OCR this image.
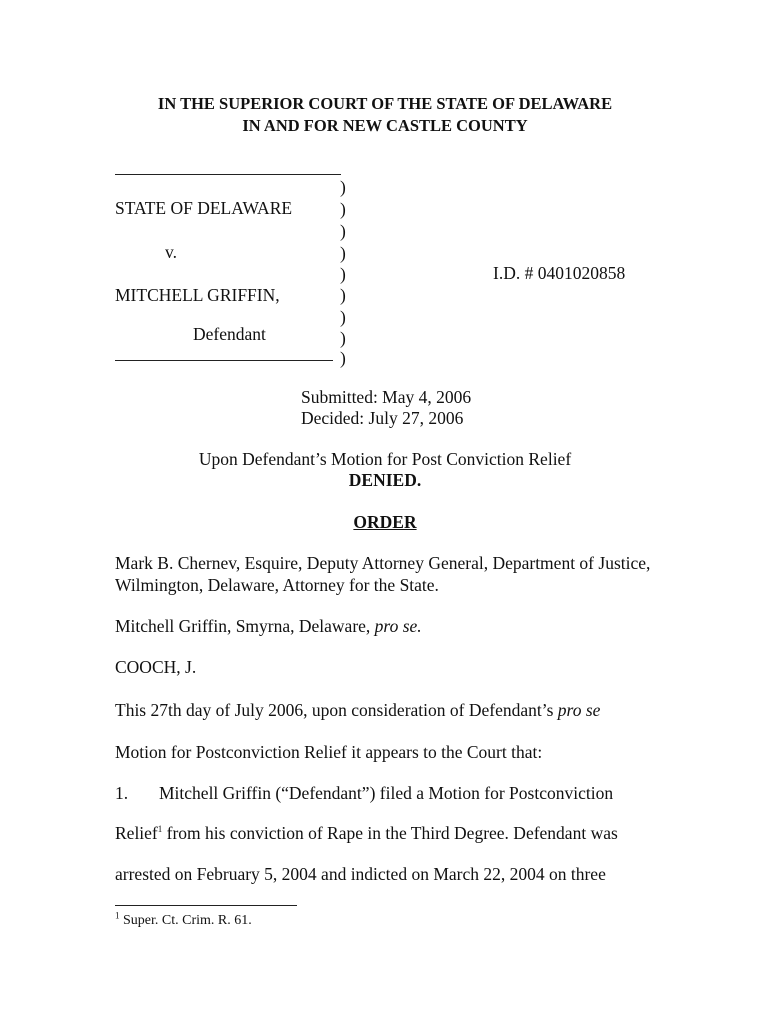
IN THE SUPERIOR COURT OF THE STATE OF DELAWARE
IN AND FOR NEW CASTLE COUNTY
)
)
)
)
)
)
)
)
)
STATE OF DELAWARE
v.
MITCHELL GRIFFIN,
Defendant
I.D. # 0401020858
Submitted: May 4, 2006
Decided: July 27, 2006
Upon Defendant’s Motion for Post Conviction Relief
DENIED.
ORDER
Mark B. Chernev, Esquire, Deputy Attorney General, Department of Justice,
Wilmington, Delaware, Attorney for the State.
Mitchell Griffin, Smyrna, Delaware, pro se.
COOCH, J.
This 27th day of July 2006, upon consideration of Defendant’s pro se
Motion for Postconviction Relief it appears to the Court that:
1. Mitchell Griffin (“Defendant”) filed a Motion for Postconviction
Relief$^1$ from his conviction of Rape in the Third Degree. Defendant was
arrested on February 5, 2004 and indicted on March 22, 2004 on three
$^1$ Super. Ct. Crim. R. 61.
